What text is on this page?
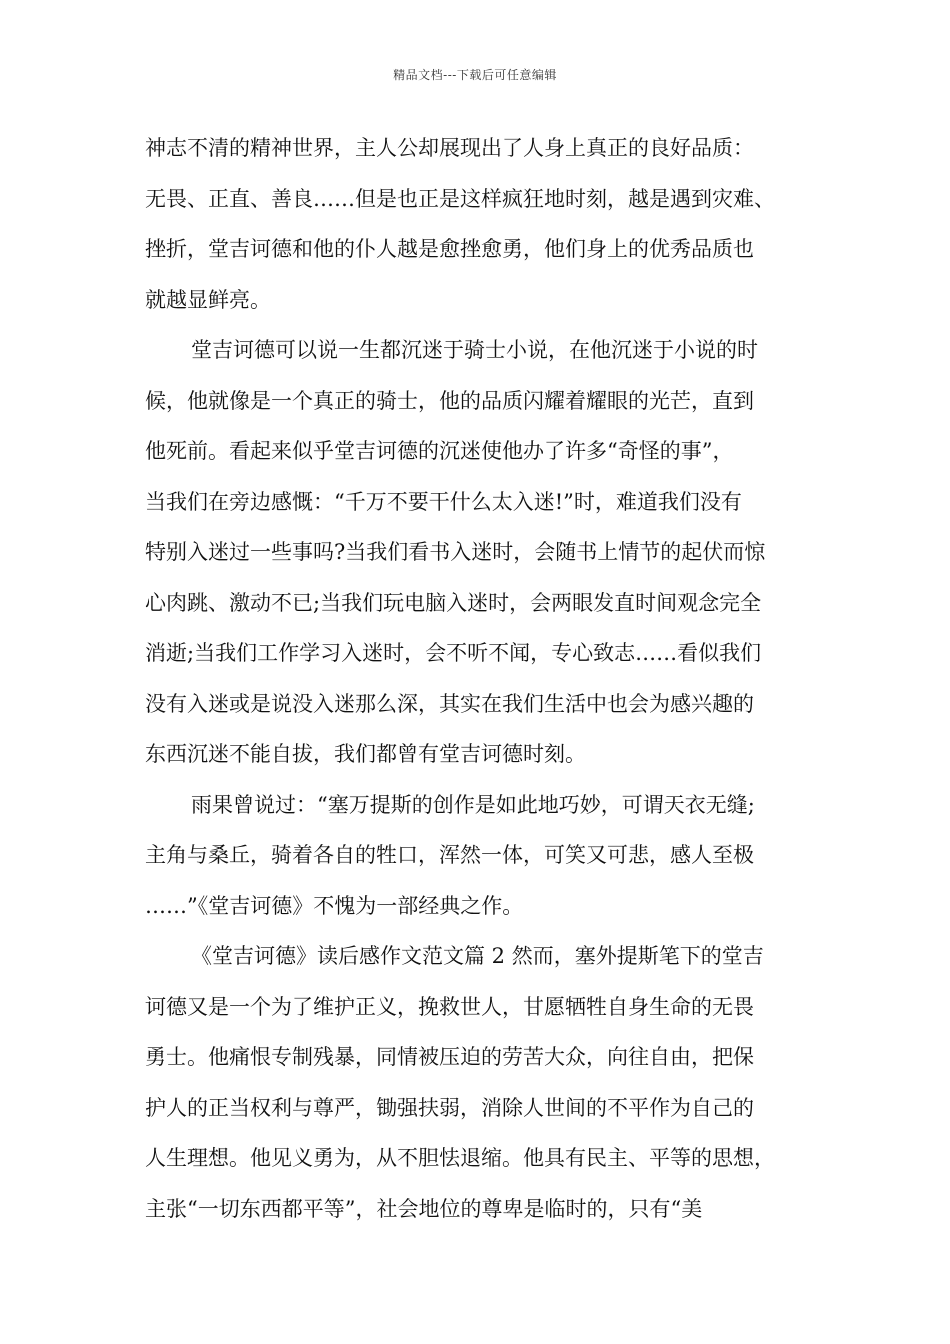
精品文档---下载后可任意编辑
神志不清的精神世界，主人公却展现出了人身上真正的良好品质：
无畏、正直、善良……但是也正是这样疯狂地时刻，越是遇到灾难、
挫折，堂吉诃德和他的仆人越是愈挫愈勇，他们身上的优秀品质也
就越显鲜亮。
堂吉诃德可以说一生都沉迷于骑士小说，在他沉迷于小说的时
候，他就像是一个真正的骑士，他的品质闪耀着耀眼的光芒，直到
他死前。看起来似乎堂吉诃德的沉迷使他办了许多“奇怪的事”，
当我们在旁边感慨：“千万不要干什么太入迷!”时，难道我们没有
特别入迷过一些事吗?当我们看书入迷时，会随书上情节的起伏而惊
心肉跳、激动不已;当我们玩电脑入迷时，会两眼发直时间观念完全
消逝;当我们工作学习入迷时，会不听不闻，专心致志……看似我们
没有入迷或是说没入迷那么深，其实在我们生活中也会为感兴趣的
东西沉迷不能自拔，我们都曾有堂吉诃德时刻。
雨果曾说过：“塞万提斯的创作是如此地巧妙，可谓天衣无缝;
主角与桑丘，骑着各自的牲口，浑然一体，可笑又可悲，感人至极
……”《堂吉诃德》不愧为一部经典之作。
《堂吉诃德》读后感作文范文篇 2 然而，塞外提斯笔下的堂吉
诃德又是一个为了维护正义，挽救世人，甘愿牺牲自身生命的无畏
勇士。他痛恨专制残暴，同情被压迫的劳苦大众，向往自由，把保
护人的正当权利与尊严，锄强扶弱，消除人世间的不平作为自己的
人生理想。他见义勇为，从不胆怯退缩。他具有民主、平等的思想，
主张“一切东西都平等”，社会地位的尊卑是临时的，只有“美
